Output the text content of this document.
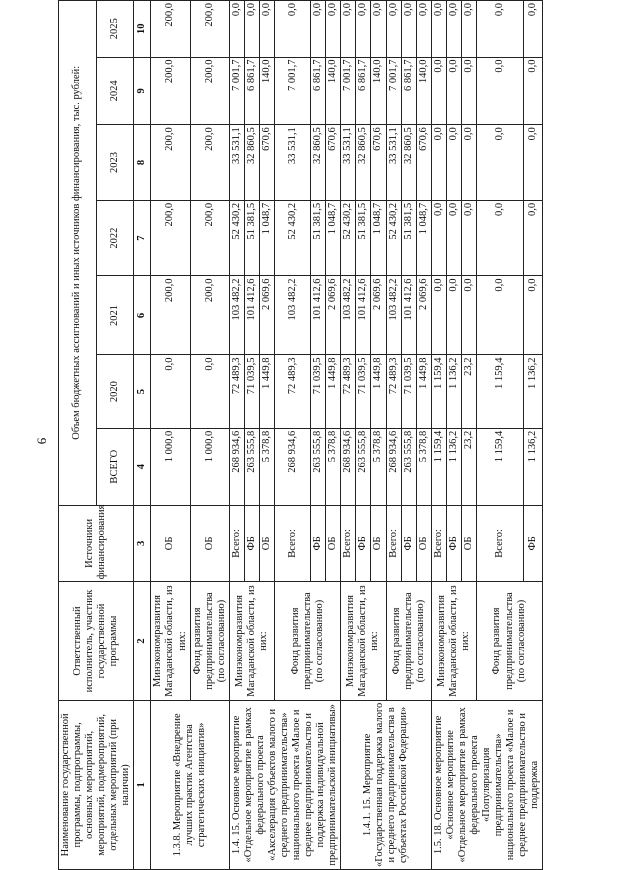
9
Наименование государственной программы, подпрограммы, основных мероприятий, мероприятий, подмероприятий, отдельных мероприятий (при наличии)	Ответственный исполнитель, участник государственной программы	Источники финансирования	Объем бюджетных ассигнований и иных источников финансирования, тыс. рублей:						
			ВСЕГО	2020	2021	2022	2023	2024	2025
1	2	3	4	5	6	7	8	9	10
1.3.8. Мероприятие «Внедрение лучших практик Агентства стратегических инициатив»	Минэкономразвития Магаданской области, из них:	ОБ	1 000,0	0,0	200,0	200,0	200,0	200,0	200,0
	Фонд развития предпринимательства (по согласованию)	ОБ	1 000,0	0,0	200,0	200,0	200,0	200,0	200,0
1.4. 15. Основное мероприятие «Отдельное мероприятие в рамках федерального проекта «Акселерация субъектов малого и среднего предпринимательства» национального проекта «Малое и среднее предпринимательство и поддержка индивидуальной предпринимательской инициативы»	Минэкономразвития Магаданской области, из них:	Всего:	268 934,6	72 489,3	103 482,2	52 430,2	33 531,1	7 001,7	0,0
		ФБ	263 555,8	71 039,5	101 412,6	51 381,5	32 860,5	6 861,7	0,0
		ОБ	5 378,8	1 449,8	2 069,6	1 048,7	670,6	140,0	0,0
	Фонд развития предпринимательства (по согласованию)	Всего:	268 934,6	72 489,3	103 482,2	52 430,2	33 531,1	7 001,7	0,0
		ФБ	263 555,8	71 039,5	101 412,6	51 381,5	32 860,5	6 861,7	0,0
		ОБ	5 378,8	1 449,8	2 069,6	1 048,7	670,6	140,0	0,0
1.4.1. 15. Мероприятие «Государственная поддержка малого и среднего предпринимательства в субъектах Российской Федерации»	Минэкономразвития Магаданской области, из них:	Всего:	268 934,6	72 489,3	103 482,2	52 430,2	33 531,1	7 001,7	0,0
		ФБ	263 555,8	71 039,5	101 412,6	51 381,5	32 860,5	6 861,7	0,0
		ОБ	5 378,8	1 449,8	2 069,6	1 048,7	670,6	140,0	0,0
	Фонд развития предпринимательства (по согласованию)	Всего:	268 934,6	72 489,3	103 482,2	52 430,2	33 531,1	7 001,7	0,0
		ФБ	263 555,8	71 039,5	101 412,6	51 381,5	32 860,5	6 861,7	0,0
		ОБ	5 378,8	1 449,8	2 069,6	1 048,7	670,6	140,0	0,0
1.5. 18. Основное мероприятие «Основное мероприятие «Отдельное мероприятие в рамках федерального проекта «Популяризация предпринимательства» национального проекта «Малое и среднее предпринимательство и поддержка	Минэкономразвития Магаданской области, из них:	Всего:	1 159,4	1 159,4	0,0	0,0	0,0	0,0	0,0
		ФБ	1 136,2	1 136,2	0,0	0,0	0,0	0,0	0,0
		ОБ	23,2	23,2	0,0	0,0	0,0	0,0	0,0
	Фонд развития предпринимательства (по согласованию)	Всего:	1 159,4	1 159,4	0,0	0,0	0,0	0,0	0,0
		ФБ	1 136,2	1 136,2	0,0	0,0	0,0	0,0	0,0
